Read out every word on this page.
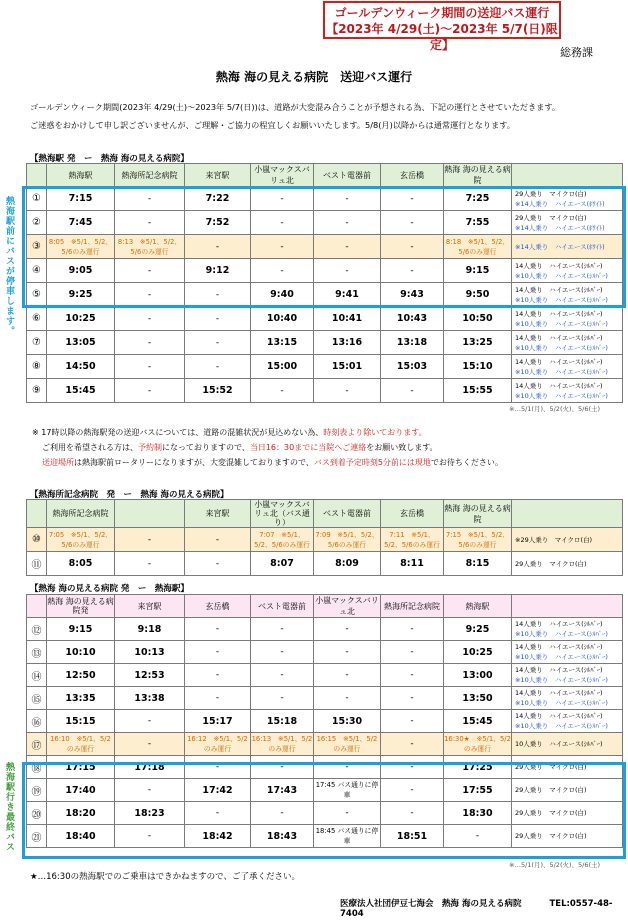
ゴールデンウィーク期間の送迎バス運行
【2023年 4/29(土)～2023年 5/7(日)限定】
総務課
熱海 海の見える病院　送迎バス運行
ゴールデンウィーク期間(2023年 4/29(土)～2023年 5/7(日))は、道路が大変混み合うことが予想される為、下記の運行とさせていただきます。
ご迷惑をおかけして申し訳ございませんが、ご理解・ご協力の程宜しくお願いいたします。5/8(月)以降からは通常運行となります。
【熱海駅 発　ー　熱海 海の見える病院】
	熱海駅	熱海所記念病院	来宮駅	小嵐マックスバリュ北	ベスト電器前	玄岳橋	熱海 海の見える病院	
①	7:15	-	7:22	-	-	-	7:25	29人乗り　マイクロ(白)
※14人乗り　ハイエース(ﾎﾜｲﾄ)

②	7:45	-	7:52	-	-	-	7:55	29人乗り　マイクロ(白)
※14人乗り　ハイエース(ﾎﾜｲﾄ)

③	8:05　※5/1、5/2、5/6のみ運行	8:13　※5/1、5/2、5/6のみ運行	-	-	-	-	8:18　※5/1、5/2、5/6のみ運行	※14人乗り　ハイエース(ﾎﾜｲﾄ)

④	9:05	-	9:12	-	-	-	9:15	14人乗り　ハイエース(ｼﾙﾊﾞｰ)
※10人乗り　ハイエース(ｼﾙﾊﾞｰ)

⑤	9:25	-	-	9:40	9:41	9:43	9:50	14人乗り　ハイエース(ｼﾙﾊﾞｰ)
※10人乗り　ハイエース(ｼﾙﾊﾞｰ)

⑥	10:25	-	-	10:40	10:41	10:43	10:50	14人乗り　ハイエース(ｼﾙﾊﾞｰ)
※10人乗り　ハイエース(ｼﾙﾊﾞｰ)

⑦	13:05	-	-	13:15	13:16	13:18	13:25	14人乗り　ハイエース(ｼﾙﾊﾞｰ)
※10人乗り　ハイエース(ｼﾙﾊﾞｰ)

⑧	14:50	-	-	15:00	15:01	15:03	15:10	14人乗り　ハイエース(ｼﾙﾊﾞｰ)
※10人乗り　ハイエース(ｼﾙﾊﾞｰ)

⑨	15:45	-	15:52	-	-	-	15:55	14人乗り　ハイエース(ｼﾙﾊﾞｰ)
※10人乗り　ハイエース(ｼﾙﾊﾞｰ)
熱海駅前にバスが停車します。
※…5/1(月)、5/2(火)、5/6(土)
※ 17時以降の熱海駅発の送迎バスについては、道路の混雑状況が見込めない為、時刻表より除いております。
ご利用を希望される方は、予約制になっておりますので、当日16：30までに当院へご連絡をお願い致します。
送迎場所は熱海駅前ロータリーになりますが、大変混雑しておりますので、バス到着予定時刻5分前には現地でお待ちください。
【熱海所記念病院　発　ー　熱海 海の見える病院】
	熱海所記念病院		来宮駅	小嵐マックスバリュ北（バス通り）	ベスト電器前	玄岳橋	熱海 海の見える病院	
⑩	7:05　※5/1、5/2、5/6のみ運行	-	-	7:07　※5/1、5/2、5/6のみ運行	7:09　※5/1、5/2、5/6のみ運行	7:11　※5/1、5/2、5/6のみ運行	7:15　※5/1、5/2、5/6のみ運行	※29人乗り　マイクロ(白)

⑪	8:05	-	-	8:07	8:09	8:11	8:15	29人乗り　マイクロ(白)
【熱海 海の見える病院 発　ー　熱海駅】
	熱海 海の見える病院発	来宮駅	玄岳橋	ベスト電器前	小嵐マックスバリュ北	熱海所記念病院	熱海駅	
⑫	9:15	9:18	-	-	-	-	9:25	14人乗り　ハイエース(ｼﾙﾊﾞｰ)
※10人乗り　ハイエース(ｼﾙﾊﾞｰ)

⑬	10:10	10:13	-	-	-	-	10:25	14人乗り　ハイエース(ｼﾙﾊﾞｰ)
※10人乗り　ハイエース(ｼﾙﾊﾞｰ)

⑭	12:50	12:53	-	-	-	-	13:00	14人乗り　ハイエース(ｼﾙﾊﾞｰ)
※10人乗り　ハイエース(ｼﾙﾊﾞｰ)

⑮	13:35	13:38	-	-	-	-	13:50	14人乗り　ハイエース(ｼﾙﾊﾞｰ)
※10人乗り　ハイエース(ｼﾙﾊﾞｰ)

⑯	15:15	-	15:17	15:18	15:30	-	15:45	14人乗り　ハイエース(ｼﾙﾊﾞｰ)
※10人乗り　ハイエース(ｼﾙﾊﾞｰ)

⑰	16:10　※5/1、5/2のみ運行	-	16:12　※5/1、5/2のみ運行	16:13　※5/1、5/2のみ運行	16:15　※5/1、5/2のみ運行	-	16:30★　※5/1、5/2のみ運行	10人乗り　ハイエース(ｼﾙﾊﾞｰ)

⑱	17:15	17:18	-	-	-	-	17:25	29人乗り　マイクロ(白)

⑲	17:40	-	17:42	17:43	17:45 バス通りに停車	-	17:55	29人乗り　マイクロ(白)

⑳	18:20	18:23	-	-	-	-	18:30	29人乗り　マイクロ(白)

㉑	18:40	-	18:42	18:43	18:45 バス通りに停車	18:51	-	29人乗り　マイクロ(白)
熱海駅行き最終バス
※…5/1(月)、5/2(火)、5/6(土)
★…16:30の熱海駅でのご乗車はできかねますので、ご了承ください。
医療法人社団伊豆七海会　熱海 海の見える病院	TEL:0557-48-7404
